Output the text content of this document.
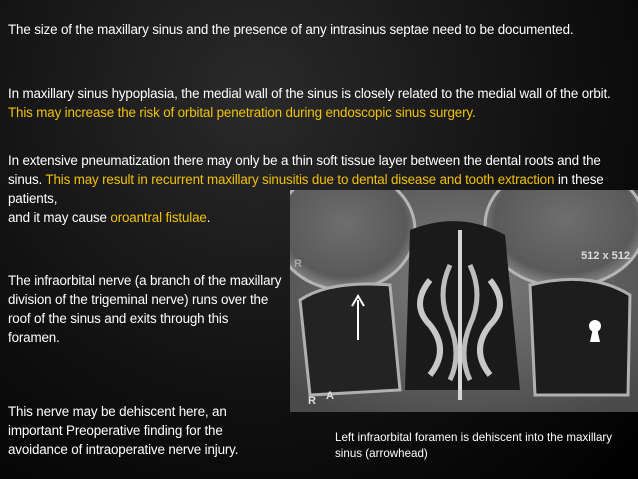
512 x 512
R
R A
The size of the maxillary sinus and the presence of any intrasinus septae need to be documented.
In maxillary sinus hypoplasia, the medial wall of the sinus is closely related to the medial wall of the orbit. This may increase the risk of orbital penetration during endoscopic sinus surgery.
In extensive pneumatization there may only be a thin soft tissue layer between the dental roots and the sinus. This may result in recurrent maxillary sinusitis due to dental disease and tooth extraction in these patients,
and it may cause oroantral fistulae.
The infraorbital nerve (a branch of the maxillary division of the trigeminal nerve) runs over the roof of the sinus and exits through this foramen.
This nerve may be dehiscent here, an important Preoperative finding for the avoidance of intraoperative nerve injury.
Left infraorbital foramen is dehiscent into the maxillary sinus (arrowhead)
